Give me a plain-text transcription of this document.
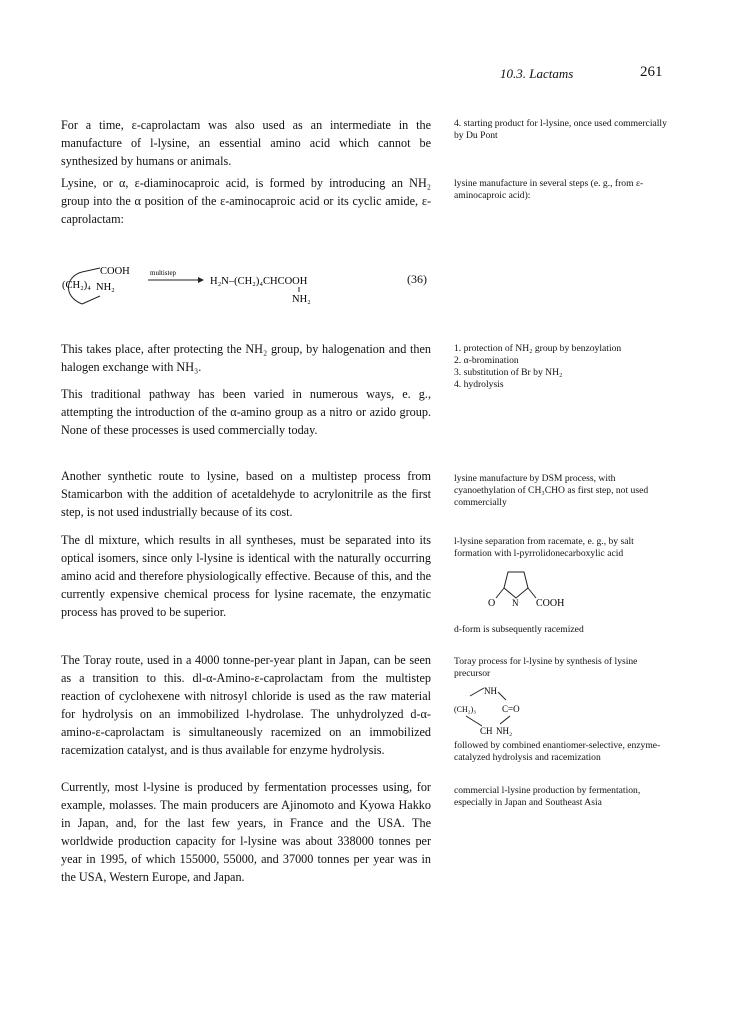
10.3. Lactams	261

For a time, ε-caprolactam was also used as an intermediate in the manufacture of l-lysine, an essential amino acid which cannot be synthesized by humans or animals.

Lysine, or α, ε-diaminocaproic acid, is formed by introducing an NH₂ group into the α position of the ε-aminocaproic acid or its cyclic amide, ε-caprolactam:

(CH₂)₄
COOH
NH₂
multistep
H₂N–(CH₂)₄CHCOOH
NH₂
(36)

This takes place, after protecting the NH₂ group, by halogenation and then halogen exchange with NH₃.

This traditional pathway has been varied in numerous ways, e. g., attempting the introduction of the α-amino group as a nitro or azido group. None of these processes is used commercially today.

Another synthetic route to lysine, based on a multistep process from Stamicarbon with the addition of acetaldehyde to acrylonitrile as the first step, is not used industrially because of its cost.

The dl mixture, which results in all syntheses, must be separated into its optical isomers, since only l-lysine is identical with the naturally occurring amino acid and therefore physiologically effective. Because of this, and the currently expensive chemical process for lysine racemate, the enzymatic process has proved to be superior.

The Toray route, used in a 4000 tonne-per-year plant in Japan, can be seen as a transition to this. dl-α-Amino-ε-caprolactam from the multistep reaction of cyclohexene with nitrosyl chloride is used as the raw material for hydrolysis on an immobilized l-hydrolase. The unhydrolyzed d-α-amino-ε-caprolactam is simultaneously racemized on an immobilized racemization catalyst, and is thus available for enzyme hydrolysis.

Currently, most l-lysine is produced by fermentation processes using, for example, molasses. The main producers are Ajinomoto and Kyowa Hakko in Japan, and, for the last few years, in France and the USA. The worldwide production capacity for l-lysine was about 338000 tonnes per year in 1995, of which 155000, 55000, and 37000 tonnes per year was in the USA, Western Europe, and Japan.

4. starting product for l-lysine, once used commercially by Du Pont

lysine manufacture in several steps (e. g., from ε-aminocaproic acid):

1. protection of NH₂ group by benzoylation
2. α-bromination
3. substitution of Br by NH₂
4. hydrolysis

lysine manufacture by DSM process, with cyanoethylation of CH₃CHO as first step, not used commercially

l-lysine separation from racemate, e. g., by salt formation with l-pyrrolidonecarboxylic acid

O N COOH

d-form is subsequently racemized

Toray process for l-lysine by synthesis of lysine precursor

NH
(CH₂)₃	C=O
CH NH₂

followed by combined enantiomer-selective, enzyme-catalyzed hydrolysis and racemization

commercial l-lysine production by fermentation, especially in Japan and Southeast Asia
